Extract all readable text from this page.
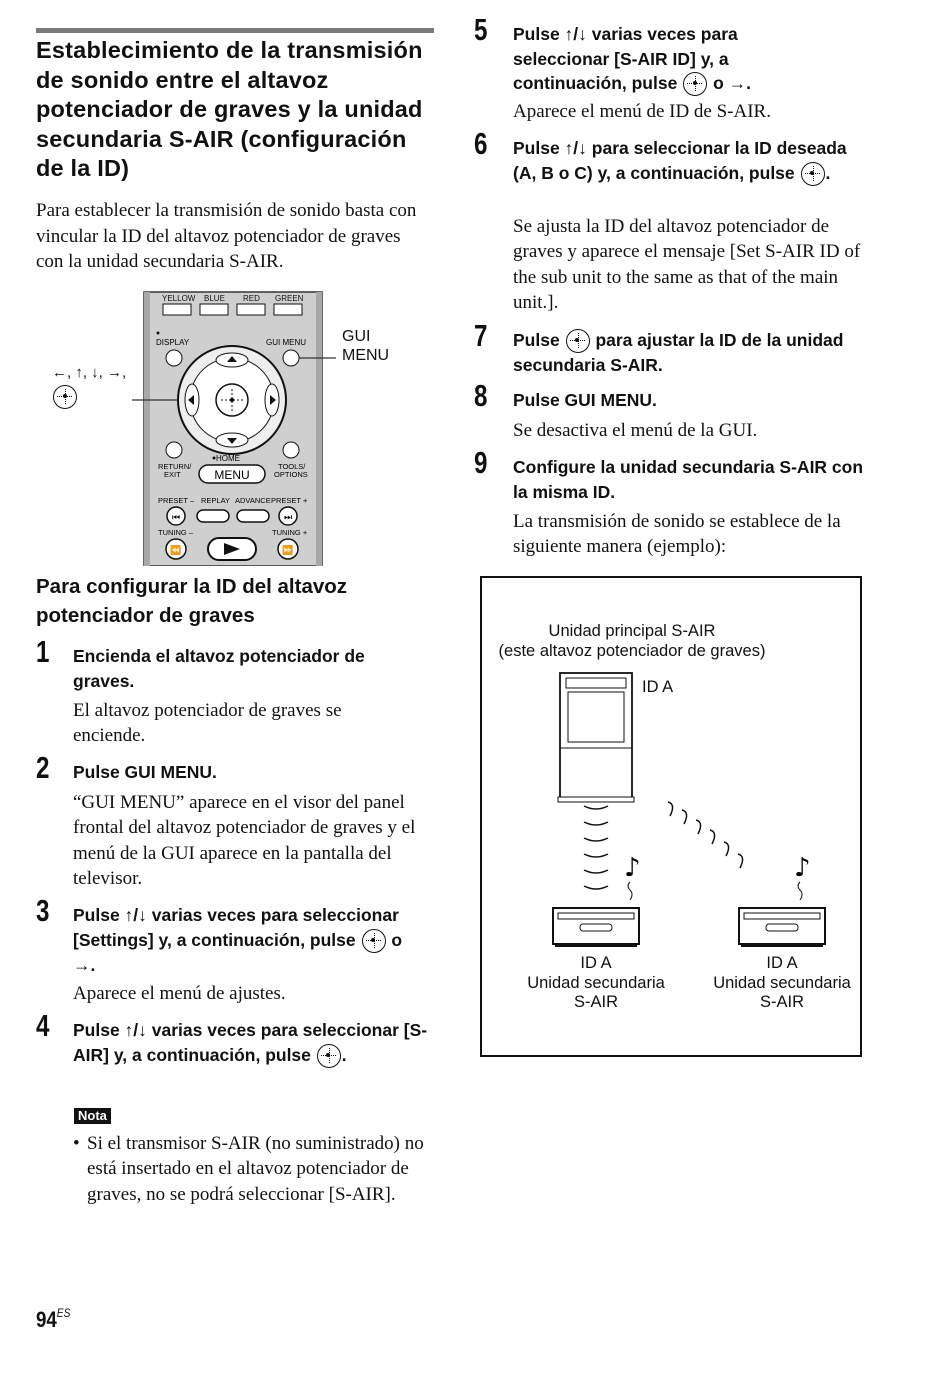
Establecimiento de la transmisión de sonido entre el altavoz potenciador de graves y la unidad secundaria S-AIR (configuración de la ID)
Para establecer la transmisión de sonido basta con vincular la ID del altavoz potenciador de graves con la unidad secundaria S-AIR.
YELLOW BLUE RED GREEN
DISPLAY	GUI MENU
HOME
RETURN/ EXIT
TOOLS/ OPTIONS
MENU
PRESET – REPLAY ADVANCE PRESET +
⏮	⏭
TUNING –	TUNING +
⏪	⏩
GUI
MENU
←, ↑, ↓, →,
Para configurar la ID del altavoz potenciador de graves
1 Encienda el altavoz potenciador de graves.
El altavoz potenciador de graves se enciende.
2 Pulse GUI MENU.
“GUI MENU” aparece en el visor del panel frontal del altavoz potenciador de graves y el menú de la GUI aparece en la pantalla del televisor.
3 Pulse ↑/↓ varias veces para seleccionar [Settings] y, a continuación, pulse o →.
Aparece el menú de ajustes.
4 Pulse ↑/↓ varias veces para seleccionar [S-AIR] y, a continuación, pulse .
Nota
• Si el transmisor S-AIR (no suministrado) no está insertado en el altavoz potenciador de graves, no se podrá seleccionar [S-AIR].
$94^{ES}$
5 Pulse ↑/↓ varias veces para seleccionar [S-AIR ID] y, a continuación, pulse o →.
Aparece el menú de ID de S-AIR.
6 Pulse ↑/↓ para seleccionar la ID deseada (A, B o C) y, a continuación, pulse .
Se ajusta la ID del altavoz potenciador de graves y aparece el mensaje [Set S-AIR ID of the sub unit to the same as that of the main unit.].
7 Pulse para ajustar la ID de la unidad secundaria S-AIR.
8 Pulse GUI MENU.
Se desactiva el menú de la GUI.
9 Configure la unidad secundaria S-AIR con la misma ID.
La transmisión de sonido se establece de la siguiente manera (ejemplo):
Unidad principal S-AIR
(este altavoz potenciador de graves)
ID A
♪	♪
ID A
Unidad secundaria
S-AIR
ID A
Unidad secundaria
S-AIR
